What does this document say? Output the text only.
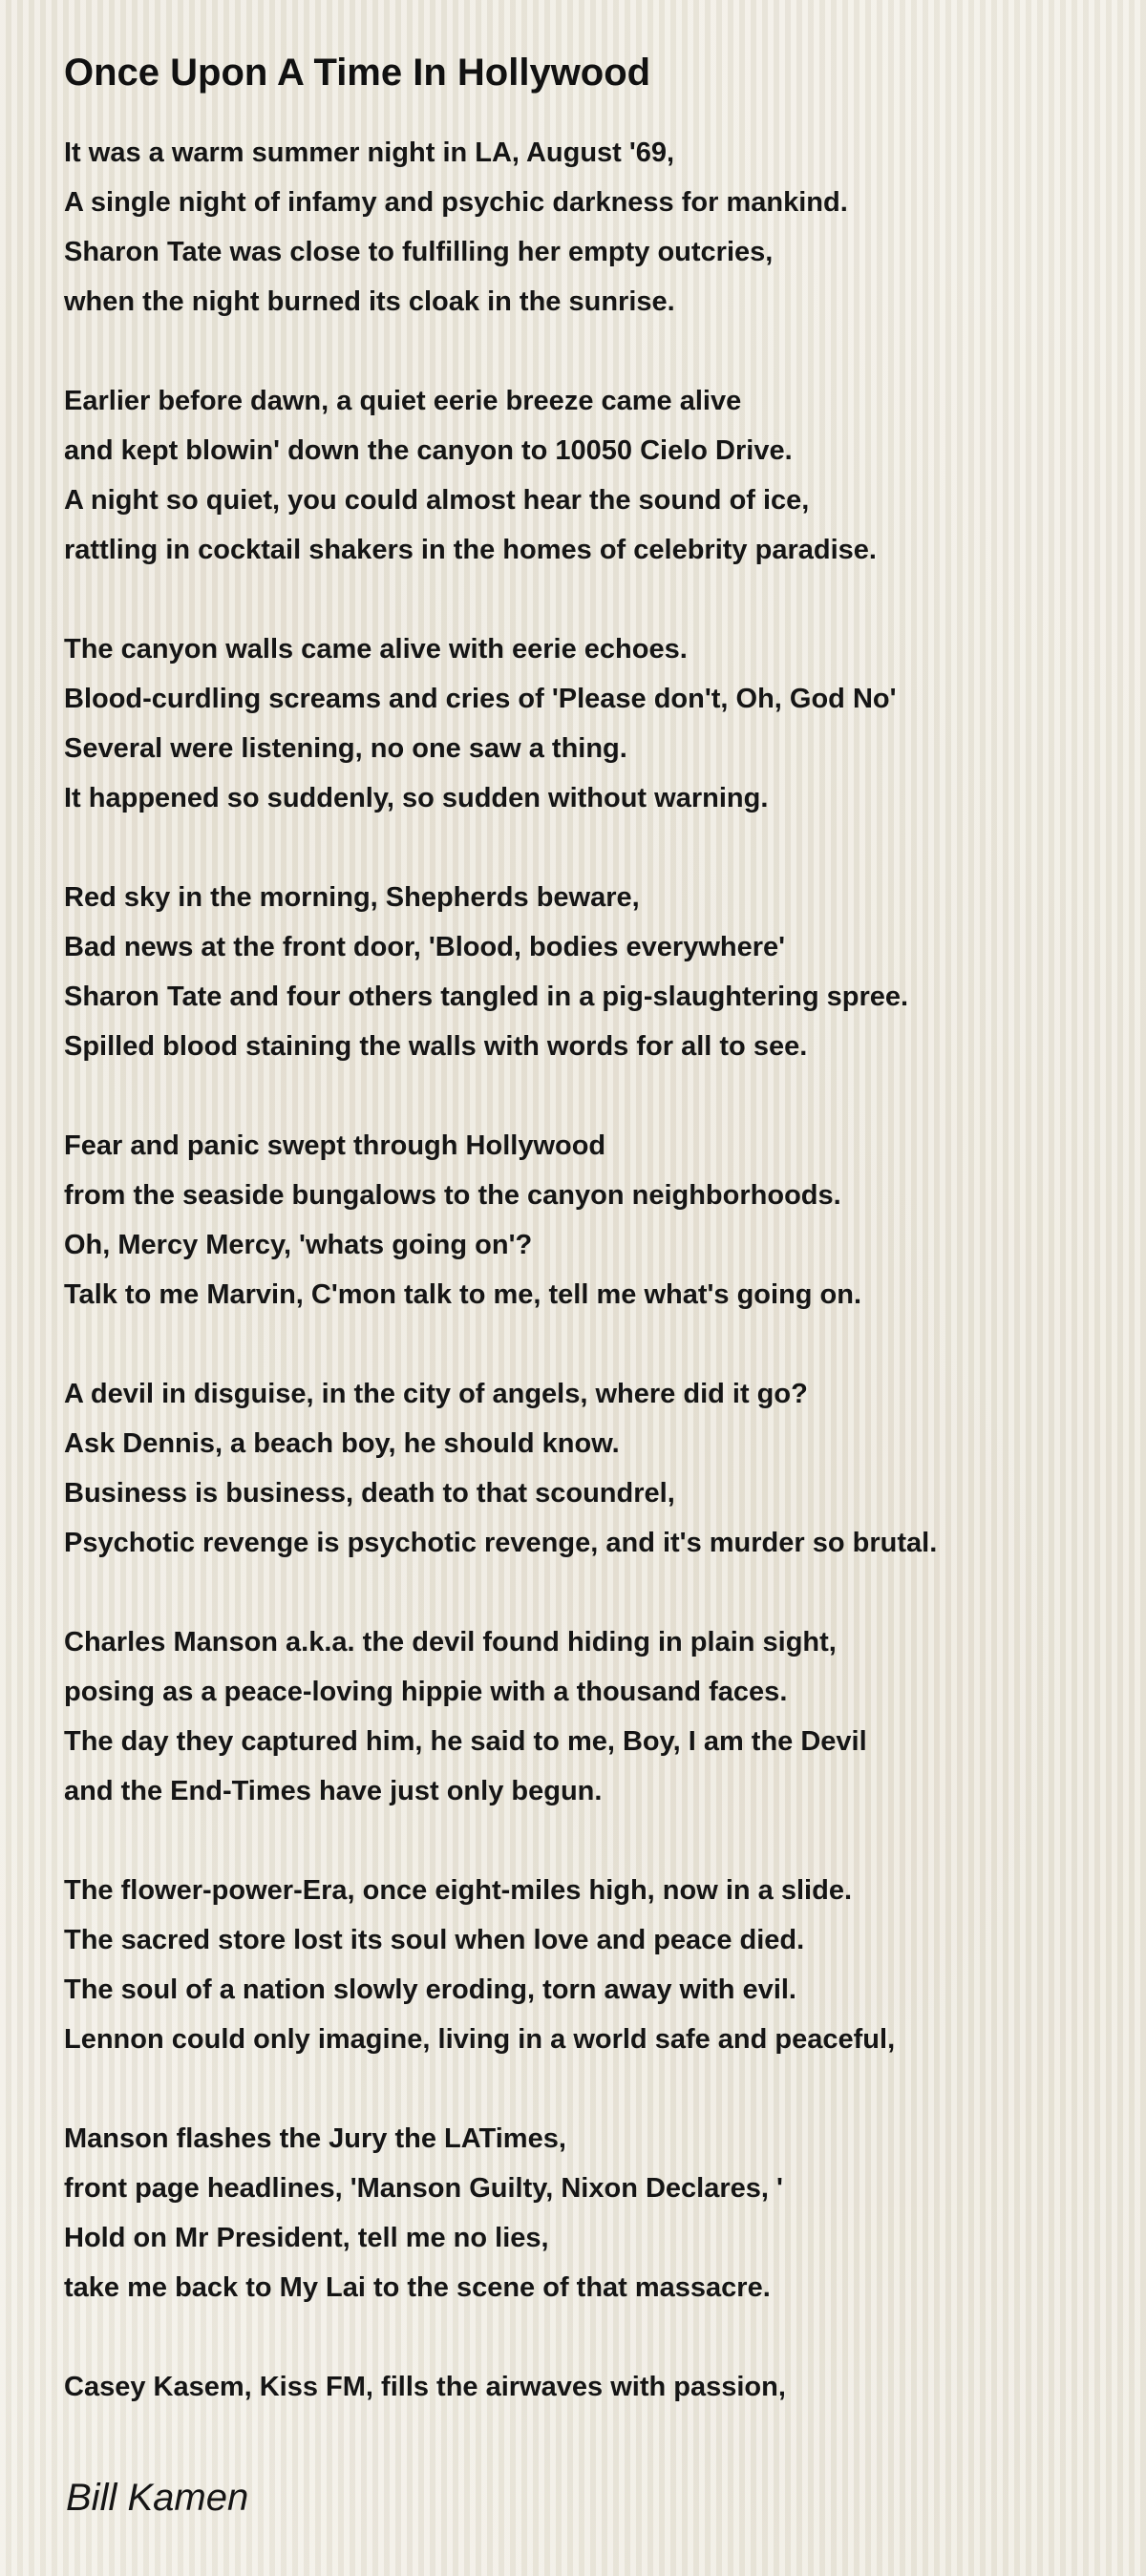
Once Upon A Time In Hollywood
It was a warm summer night in LA, August '69,
A single night of infamy and psychic darkness for mankind.
Sharon Tate was close to fulfilling her empty outcries,
when the night burned its cloak in the sunrise.
Earlier before dawn, a quiet eerie breeze came alive
and kept blowin' down the canyon to 10050 Cielo Drive.
A night so quiet, you could almost hear the sound of ice,
rattling in cocktail shakers in the homes of celebrity paradise.
The canyon walls came alive with eerie echoes.
Blood-curdling screams and cries of 'Please don't, Oh, God No'
Several were listening, no one saw a thing.
It happened so suddenly, so sudden without warning.
Red sky in the morning, Shepherds beware,
Bad news at the front door, 'Blood, bodies everywhere'
Sharon Tate and four others tangled in a pig-slaughtering spree.
Spilled blood staining the walls with words for all to see.
Fear and panic swept through Hollywood
from the seaside bungalows to the canyon neighborhoods.
Oh, Mercy Mercy, 'whats going on'?
Talk to me Marvin, C'mon talk to me, tell me what's going on.
A devil in disguise, in the city of angels, where did it go?
Ask Dennis, a beach boy, he should know.
Business is business, death to that scoundrel,
Psychotic revenge is psychotic revenge, and it's murder so brutal.
Charles Manson a.k.a. the devil found hiding in plain sight,
posing as a peace-loving hippie with a thousand faces.
The day they captured him, he said to me, Boy, I am the Devil
and the End-Times have just only begun.
The flower-power-Era, once eight-miles high, now in a slide.
The sacred store lost its soul when love and peace died.
The soul of a nation slowly eroding, torn away with evil.
Lennon could only imagine, living in a world safe and peaceful,
Manson flashes the Jury the LATimes,
front page headlines, 'Manson Guilty, Nixon Declares, '
Hold on Mr President, tell me no lies,
take me back to My Lai to the scene of that massacre.
Casey Kasem, Kiss FM, fills the airwaves with passion,
Bill Kamen
